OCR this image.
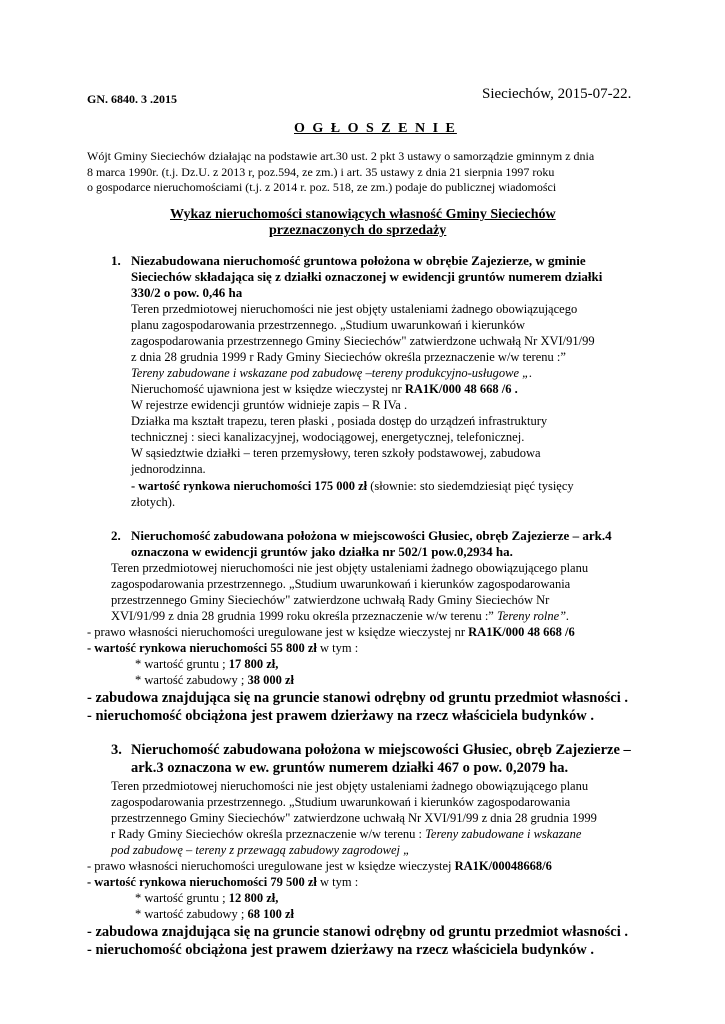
GN. 6840. 3 .2015	Sieciechów, 2015-07-22.
O G Ł O S Z E N I E
Wójt Gminy Sieciechów działając na podstawie art.30 ust. 2 pkt 3 ustawy o samorządzie gminnym z dnia
8 marca 1990r. (t.j. Dz.U. z 2013 r, poz.594, ze zm.) i art. 35 ustawy z dnia 21 sierpnia 1997 roku
o gospodarce nieruchomościami (t.j. z 2014 r. poz. 518, ze zm.) podaje do publicznej wiadomości
Wykaz nieruchomości stanowiących własność Gminy Sieciechów
przeznaczonych do sprzedaży
1. Niezabudowana nieruchomość gruntowa położona w obrębie Zajezierze, w gminie
Sieciechów składająca się z działki oznaczonej w ewidencji gruntów numerem działki
330/2 o pow. 0,46 ha
Teren przedmiotowej nieruchomości nie jest objęty ustaleniami żadnego obowiązującego
planu zagospodarowania przestrzennego. „Studium uwarunkowań i kierunków
zagospodarowania przestrzennego Gminy Sieciechów" zatwierdzone uchwałą Nr XVI/91/99
z dnia 28 grudnia 1999 r Rady Gminy Sieciechów określa przeznaczenie w/w terenu :”
Tereny zabudowane i wskazane pod zabudowę –tereny produkcyjno-usługowe „.
Nieruchomość ujawniona jest w księdze wieczystej nr RA1K/000 48 668 /6 .
W rejestrze ewidencji gruntów widnieje zapis – R IVa .
Działka ma kształt trapezu, teren płaski , posiada dostęp do urządzeń infrastruktury
technicznej : sieci kanalizacyjnej, wodociągowej, energetycznej, telefonicznej.
W sąsiedztwie działki – teren przemysłowy, teren szkoły podstawowej, zabudowa
jednorodzinna.
- wartość rynkowa nieruchomości 175 000 zł (słownie: sto siedemdziesiąt pięć tysięcy
złotych).
2. Nieruchomość zabudowana położona w miejscowości Głusiec, obręb Zajezierze – ark.4
oznaczona w ewidencji gruntów jako działka nr 502/1 pow.0,2934 ha.
Teren przedmiotowej nieruchomości nie jest objęty ustaleniami żadnego obowiązującego planu
zagospodarowania przestrzennego. „Studium uwarunkowań i kierunków zagospodarowania
przestrzennego Gminy Sieciechów" zatwierdzone uchwałą Rady Gminy Sieciechów Nr
XVI/91/99 z dnia 28 grudnia 1999 roku określa przeznaczenie w/w terenu :” Tereny rolne”.
- prawo własności nieruchomości uregulowane jest w księdze wieczystej nr RA1K/000 48 668 /6
- wartość rynkowa nieruchomości 55 800 zł w tym :
* wartość gruntu ; 17 800 zł,
* wartość zabudowy ; 38 000 zł
- zabudowa znajdująca się na gruncie stanowi odrębny od gruntu przedmiot własności .
- nieruchomość obciążona jest prawem dzierżawy na rzecz właściciela budynków .
3. Nieruchomość zabudowana położona w miejscowości Głusiec, obręb Zajezierze –
ark.3 oznaczona w ew. gruntów numerem działki 467 o pow. 0,2079 ha.
Teren przedmiotowej nieruchomości nie jest objęty ustaleniami żadnego obowiązującego planu
zagospodarowania przestrzennego. „Studium uwarunkowań i kierunków zagospodarowania
przestrzennego Gminy Sieciechów" zatwierdzone uchwałą Nr XVI/91/99 z dnia 28 grudnia 1999
r Rady Gminy Sieciechów określa przeznaczenie w/w terenu : Tereny zabudowane i wskazane
pod zabudowę – tereny z przewagą zabudowy zagrodowej „
- prawo własności nieruchomości uregulowane jest w księdze wieczystej RA1K/00048668/6
- wartość rynkowa nieruchomości 79 500 zł w tym :
* wartość gruntu ; 12 800 zł,
* wartość zabudowy ; 68 100 zł
- zabudowa znajdująca się na gruncie stanowi odrębny od gruntu przedmiot własności .
- nieruchomość obciążona jest prawem dzierżawy na rzecz właściciela budynków .
